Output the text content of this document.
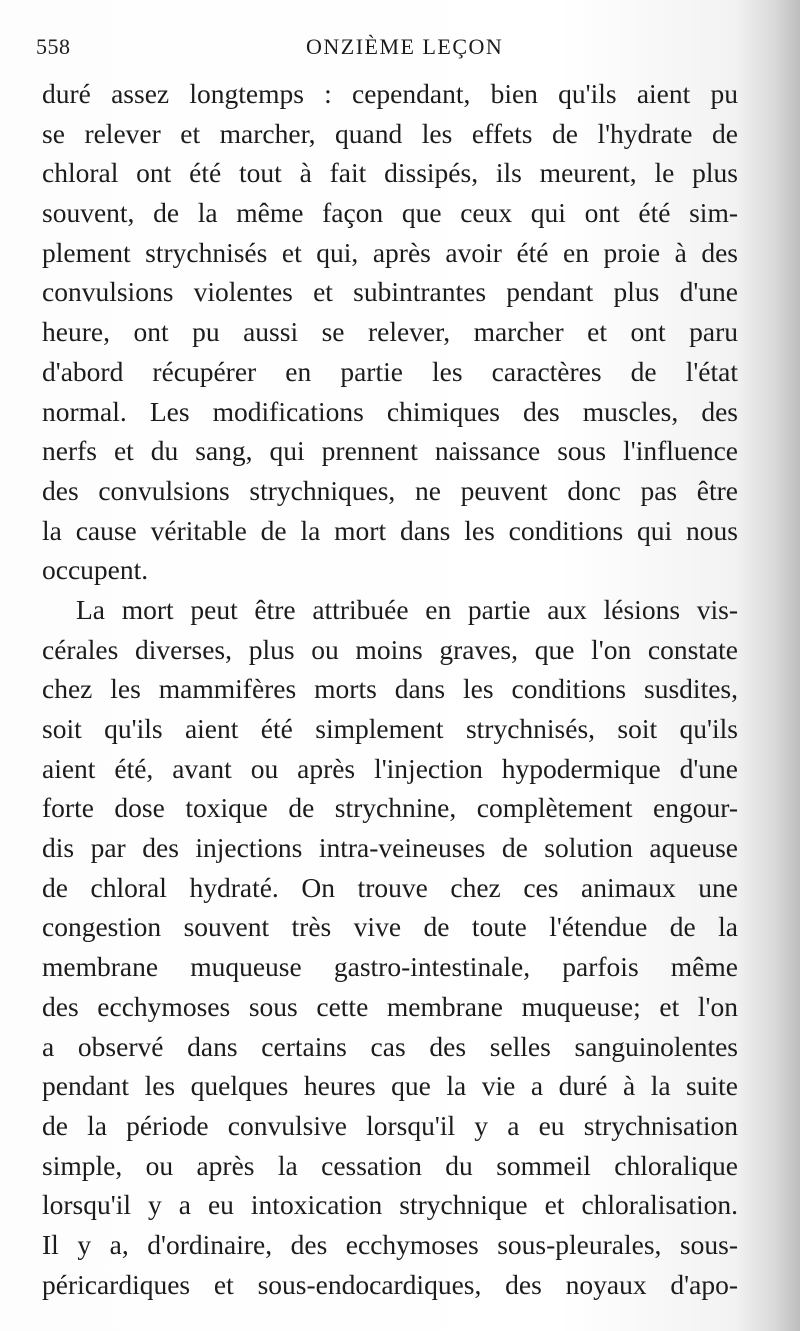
558	ONZIÈME LEÇON
duré assez longtemps : cependant, bien qu'ils aient pu
se relever et marcher, quand les effets de l'hydrate de
chloral ont été tout à fait dissipés, ils meurent, le plus
souvent, de la même façon que ceux qui ont été sim-
plement strychnisés et qui, après avoir été en proie à des
convulsions violentes et subintrantes pendant plus d'une
heure, ont pu aussi se relever, marcher et ont paru
d'abord récupérer en partie les caractères de l'état
normal. Les modifications chimiques des muscles, des
nerfs et du sang, qui prennent naissance sous l'influence
des convulsions strychniques, ne peuvent donc pas être
la cause véritable de la mort dans les conditions qui nous
occupent.
La mort peut être attribuée en partie aux lésions vis-
cérales diverses, plus ou moins graves, que l'on constate
chez les mammifères morts dans les conditions susdites,
soit qu'ils aient été simplement strychnisés, soit qu'ils
aient été, avant ou après l'injection hypodermique d'une
forte dose toxique de strychnine, complètement engour-
dis par des injections intra-veineuses de solution aqueuse
de chloral hydraté. On trouve chez ces animaux une
congestion souvent très vive de toute l'étendue de la
membrane muqueuse gastro-intestinale, parfois même
des ecchymoses sous cette membrane muqueuse; et l'on
a observé dans certains cas des selles sanguinolentes
pendant les quelques heures que la vie a duré à la suite
de la période convulsive lorsqu'il y a eu strychnisation
simple, ou après la cessation du sommeil chloralique
lorsqu'il y a eu intoxication strychnique et chloralisation.
Il y a, d'ordinaire, des ecchymoses sous-pleurales, sous-
péricardiques et sous-endocardiques, des noyaux d'apo-
